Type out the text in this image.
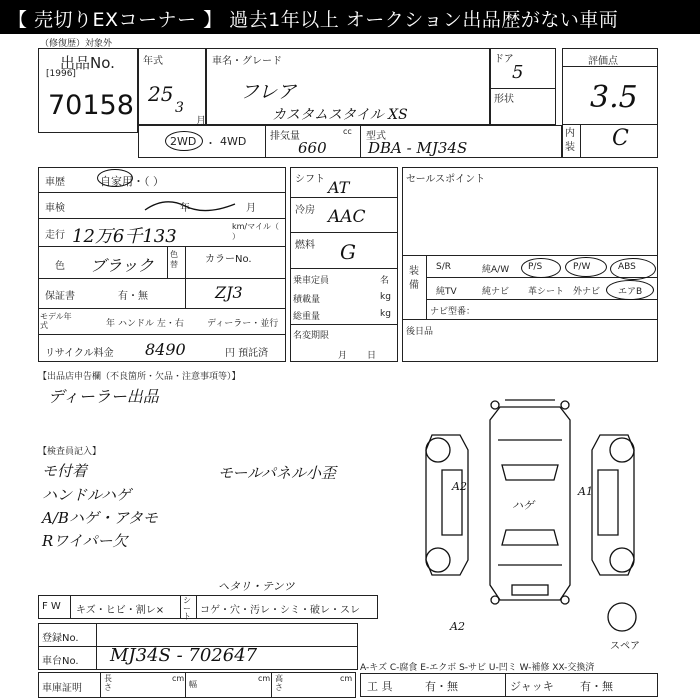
【 売切りEXコーナー 】 過去1年以上 オークション出品歴がない車両
（修復歴）対象外
出品No.
[1996]
70158
年式
25
3
月
車名・グレード
フレア
カスタムスタイル XS
ドア
5
形状
評価点
3.5
内装 C
2WD ・ 4WD 排気量	cc
660
型式
DBA - MJ34S
車歴	自家用・（ ）
車検	年	月
走行 12万6千133	km/マイル（ ）
色 ブラック
色替	カラーNo.
ZJ3
保証書	有・無
モデル年式	年 ハンドル 左・右	ディーラー・並行
リサイクル料金 8490	円 預託済
シフト AT
冷房 AAC
燃料 G
乗車定員	名
積載量	kg
総重量	kg
名変期限
月日
セールスポイント
装備
S/R	純A/W P/S	P/W	ABS
純TV	純ナビ 革シート 外ナビ エアB
ナビ型番：
後日品
【出品店申告欄（不良箇所・欠品・注意事項等）】
ディーラー出品
【検査員記入】
モ付着
ハンドルハゲ
A/Bハゲ・アタモ
Rワイパー欠
モールパネル小歪
A2	A1
ハゲ
A2
スペア
F W キズ・ヒビ・割レ×
シート
コゲ・穴・汚レ・シミ・破レ・スレ
ヘタリ・テンツ
登録No.
車台No. MJ34S - 702647
A-キズ C-腐食 E-エクボ S-サビ U-凹ミ W-補修 XX-交換済
車庫証明
長さ
cm
幅
cm 高さ
cm
工 具	有・無	ジャッキ 有・無
